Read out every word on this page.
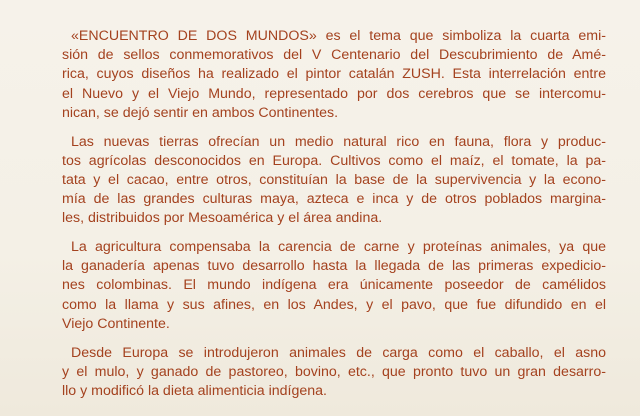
«ENCUENTRO DE DOS MUNDOS» es el tema que simboliza la cuarta emi-
sión de sellos conmemorativos del V Centenario del Descubrimiento de Amé-
rica, cuyos diseños ha realizado el pintor catalán ZUSH. Esta interrelación entre
el Nuevo y el Viejo Mundo, representado por dos cerebros que se intercomu-
nican, se dejó sentir en ambos Continentes.

Las nuevas tierras ofrecían un medio natural rico en fauna, flora y produc-
tos agrícolas desconocidos en Europa. Cultivos como el maíz, el tomate, la pa-
tata y el cacao, entre otros, constituían la base de la supervivencia y la econo-
mía de las grandes culturas maya, azteca e inca y de otros poblados margina-
les, distribuidos por Mesoamérica y el área andina.

La agricultura compensaba la carencia de carne y proteínas animales, ya que
la ganadería apenas tuvo desarrollo hasta la llegada de las primeras expedicio-
nes colombinas. El mundo indígena era únicamente poseedor de camélidos
como la llama y sus afines, en los Andes, y el pavo, que fue difundido en el
Viejo Continente.

Desde Europa se introdujeron animales de carga como el caballo, el asno
y el mulo, y ganado de pastoreo, bovino, etc., que pronto tuvo un gran desarro-
llo y modificó la dieta alimenticia indígena.
